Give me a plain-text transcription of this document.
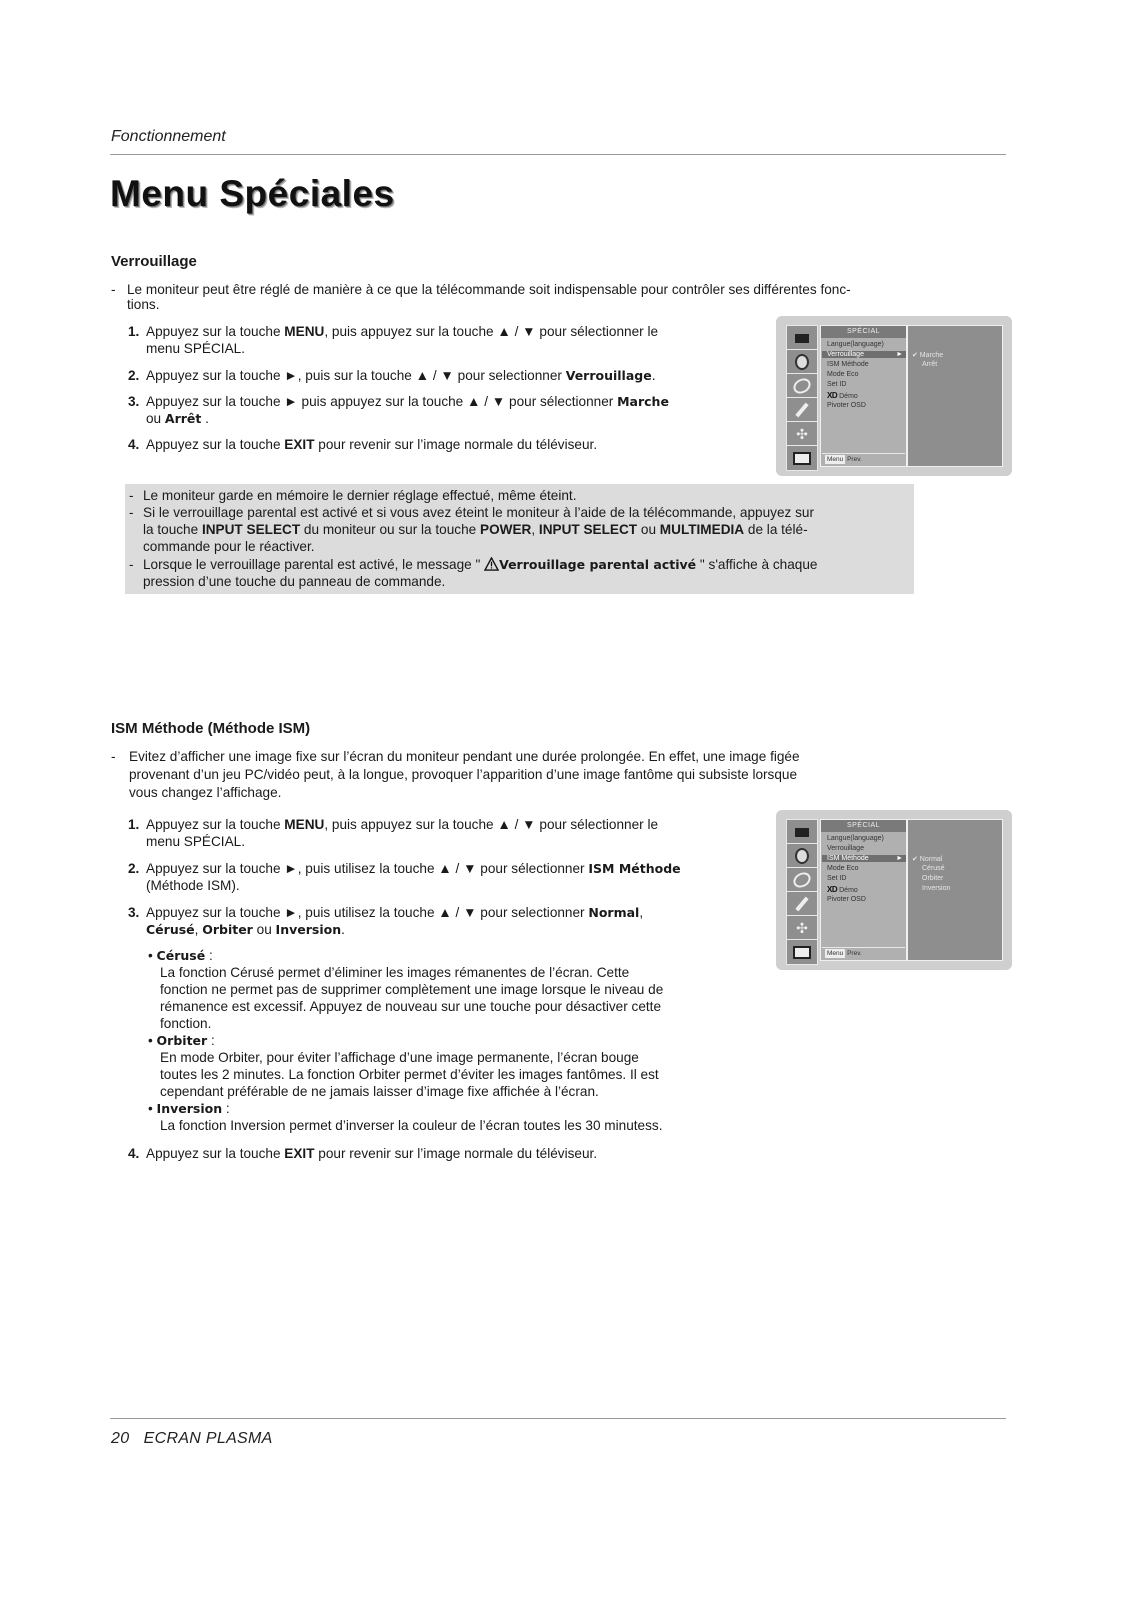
Fonctionnement
Menu Spéciales
Verrouillage
- Le moniteur peut être réglé de manière à ce que la télécommande soit indispensable pour contrôler ses différentes fonc-
tions.
1. Appuyez sur la touche MENU, puis appuyez sur la touche ▲ / ▼ pour sélectionner le
menu SPÉCIAL.
2. Appuyez sur la touche ►, puis sur la touche ▲ / ▼ pour selectionner Verrouillage.
3. Appuyez sur la touche ► puis appuyez sur la touche ▲ / ▼ pour sélectionner Marche
ou Arrêt .
4. Appuyez sur la touche EXIT pour revenir sur l’image normale du téléviseur.
✣
SPÉCIAL
Langue(language)
Verrouillage	►
ISM Méthode
Mode Eco
Set ID
XD Démo
Pivoter OSD
Menu Prev.
✔ Marche
Arrêt
- Le moniteur garde en mémoire le dernier réglage effectué, même éteint.
- Si le verrouillage parental est activé et si vous avez éteint le moniteur à l’aide de la télécommande, appuyez sur
la touche INPUT SELECT du moniteur ou sur la touche POWER, INPUT SELECT ou MULTIMEDIA de la télé-
commande pour le réactiver.
- Lorsque le verrouillage parental est activé, le message " Verrouillage parental activé " s'affiche à chaque
pression d’une touche du panneau de commande.
ISM Méthode (Méthode ISM)
- Evitez d’afficher une image fixe sur l’écran du moniteur pendant une durée prolongée. En effet, une image figée
provenant d’un jeu PC/vidéo peut, à la longue, provoquer l’apparition d’une image fantôme qui subsiste lorsque
vous changez l’affichage.
1. Appuyez sur la touche MENU, puis appuyez sur la touche ▲ / ▼ pour sélectionner le
menu SPÉCIAL.
2. Appuyez sur la touche ►, puis utilisez la touche ▲ / ▼ pour sélectionner ISM Méthode
(Méthode ISM).
3. Appuyez sur la touche ►, puis utilisez la touche ▲ / ▼ pour selectionner Normal,
Cérusé, Orbiter ou Inversion.
• Cérusé :
La fonction Cérusé permet d’éliminer les images rémanentes de l’écran. Cette
fonction ne permet pas de supprimer complètement une image lorsque le niveau de
rémanence est excessif. Appuyez de nouveau sur une touche pour désactiver cette
fonction.
• Orbiter :
En mode Orbiter, pour éviter l’affichage d’une image permanente, l’écran bouge
toutes les 2 minutes. La fonction Orbiter permet d’éviter les images fantômes. Il est
cependant préférable de ne jamais laisser d’image fixe affichée à l’écran.
• Inversion :
La fonction Inversion permet d’inverser la couleur de l’écran toutes les 30 minutess.
4. Appuyez sur la touche EXIT pour revenir sur l’image normale du téléviseur.
✣
SPÉCIAL
Langue(language)
Verrouillage
ISM Méthode	►
Mode Eco
Set ID
XD Démo
Pivoter OSD
Menu Prev.
✔ Normal
Cérusé
Orbiter
Inversion
20 ECRAN PLASMA
